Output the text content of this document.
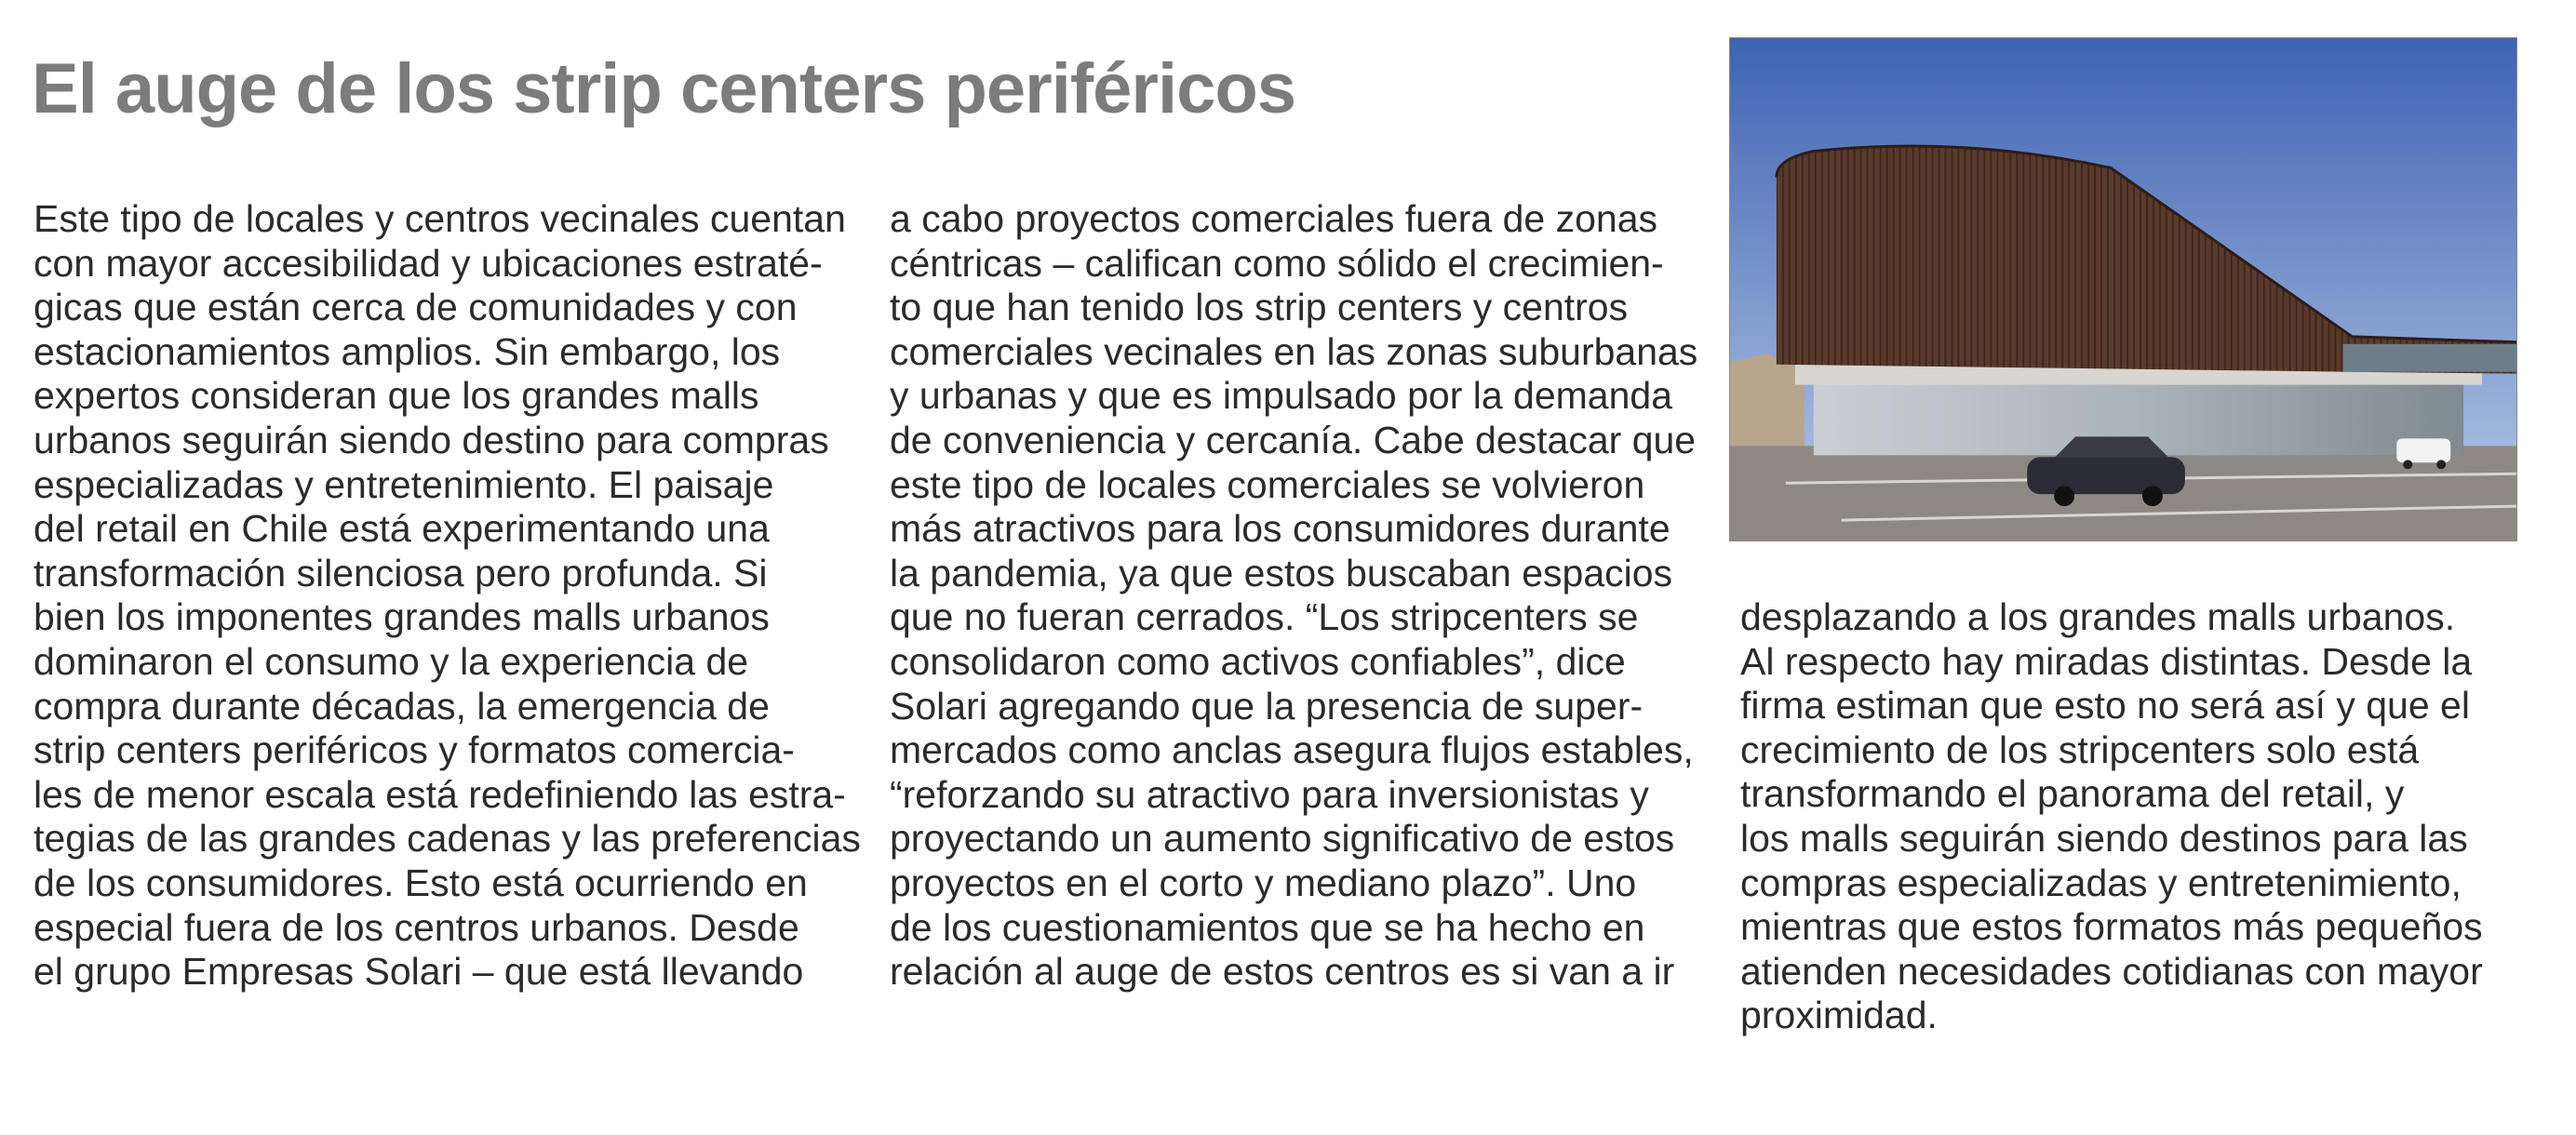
El auge de los strip centers periféricos
Este tipo de locales y centros vecinales cuentan
con mayor accesibilidad y ubicaciones estraté-
gicas que están cerca de comunidades y con
estacionamientos amplios. Sin embargo, los
expertos consideran que los grandes malls
urbanos seguirán siendo destino para compras
especializadas y entretenimiento. El paisaje
del retail en Chile está experimentando una
transformación silenciosa pero profunda. Si
bien los imponentes grandes malls urbanos
dominaron el consumo y la experiencia de
compra durante décadas, la emergencia de
strip centers periféricos y formatos comercia-
les de menor escala está redefiniendo las estra-
tegias de las grandes cadenas y las preferencias
de los consumidores. Esto está ocurriendo en
especial fuera de los centros urbanos. Desde
el grupo Empresas Solari – que está llevando
a cabo proyectos comerciales fuera de zonas
céntricas – califican como sólido el crecimien-
to que han tenido los strip centers y centros
comerciales vecinales en las zonas suburbanas
y urbanas y que es impulsado por la demanda
de conveniencia y cercanía. Cabe destacar que
este tipo de locales comerciales se volvieron
más atractivos para los consumidores durante
la pandemia, ya que estos buscaban espacios
que no fueran cerrados. “Los stripcenters se
consolidaron como activos confiables”, dice
Solari agregando que la presencia de super-
mercados como anclas asegura flujos estables,
“reforzando su atractivo para inversionistas y
proyectando un aumento significativo de estos
proyectos en el corto y mediano plazo”. Uno
de los cuestionamientos que se ha hecho en
relación al auge de estos centros es si van a ir
desplazando a los grandes malls urbanos.
Al respecto hay miradas distintas. Desde la
firma estiman que esto no será así y que el
crecimiento de los stripcenters solo está
transformando el panorama del retail, y
los malls seguirán siendo destinos para las
compras especializadas y entretenimiento,
mientras que estos formatos más pequeños
atienden necesidades cotidianas con mayor
proximidad.
